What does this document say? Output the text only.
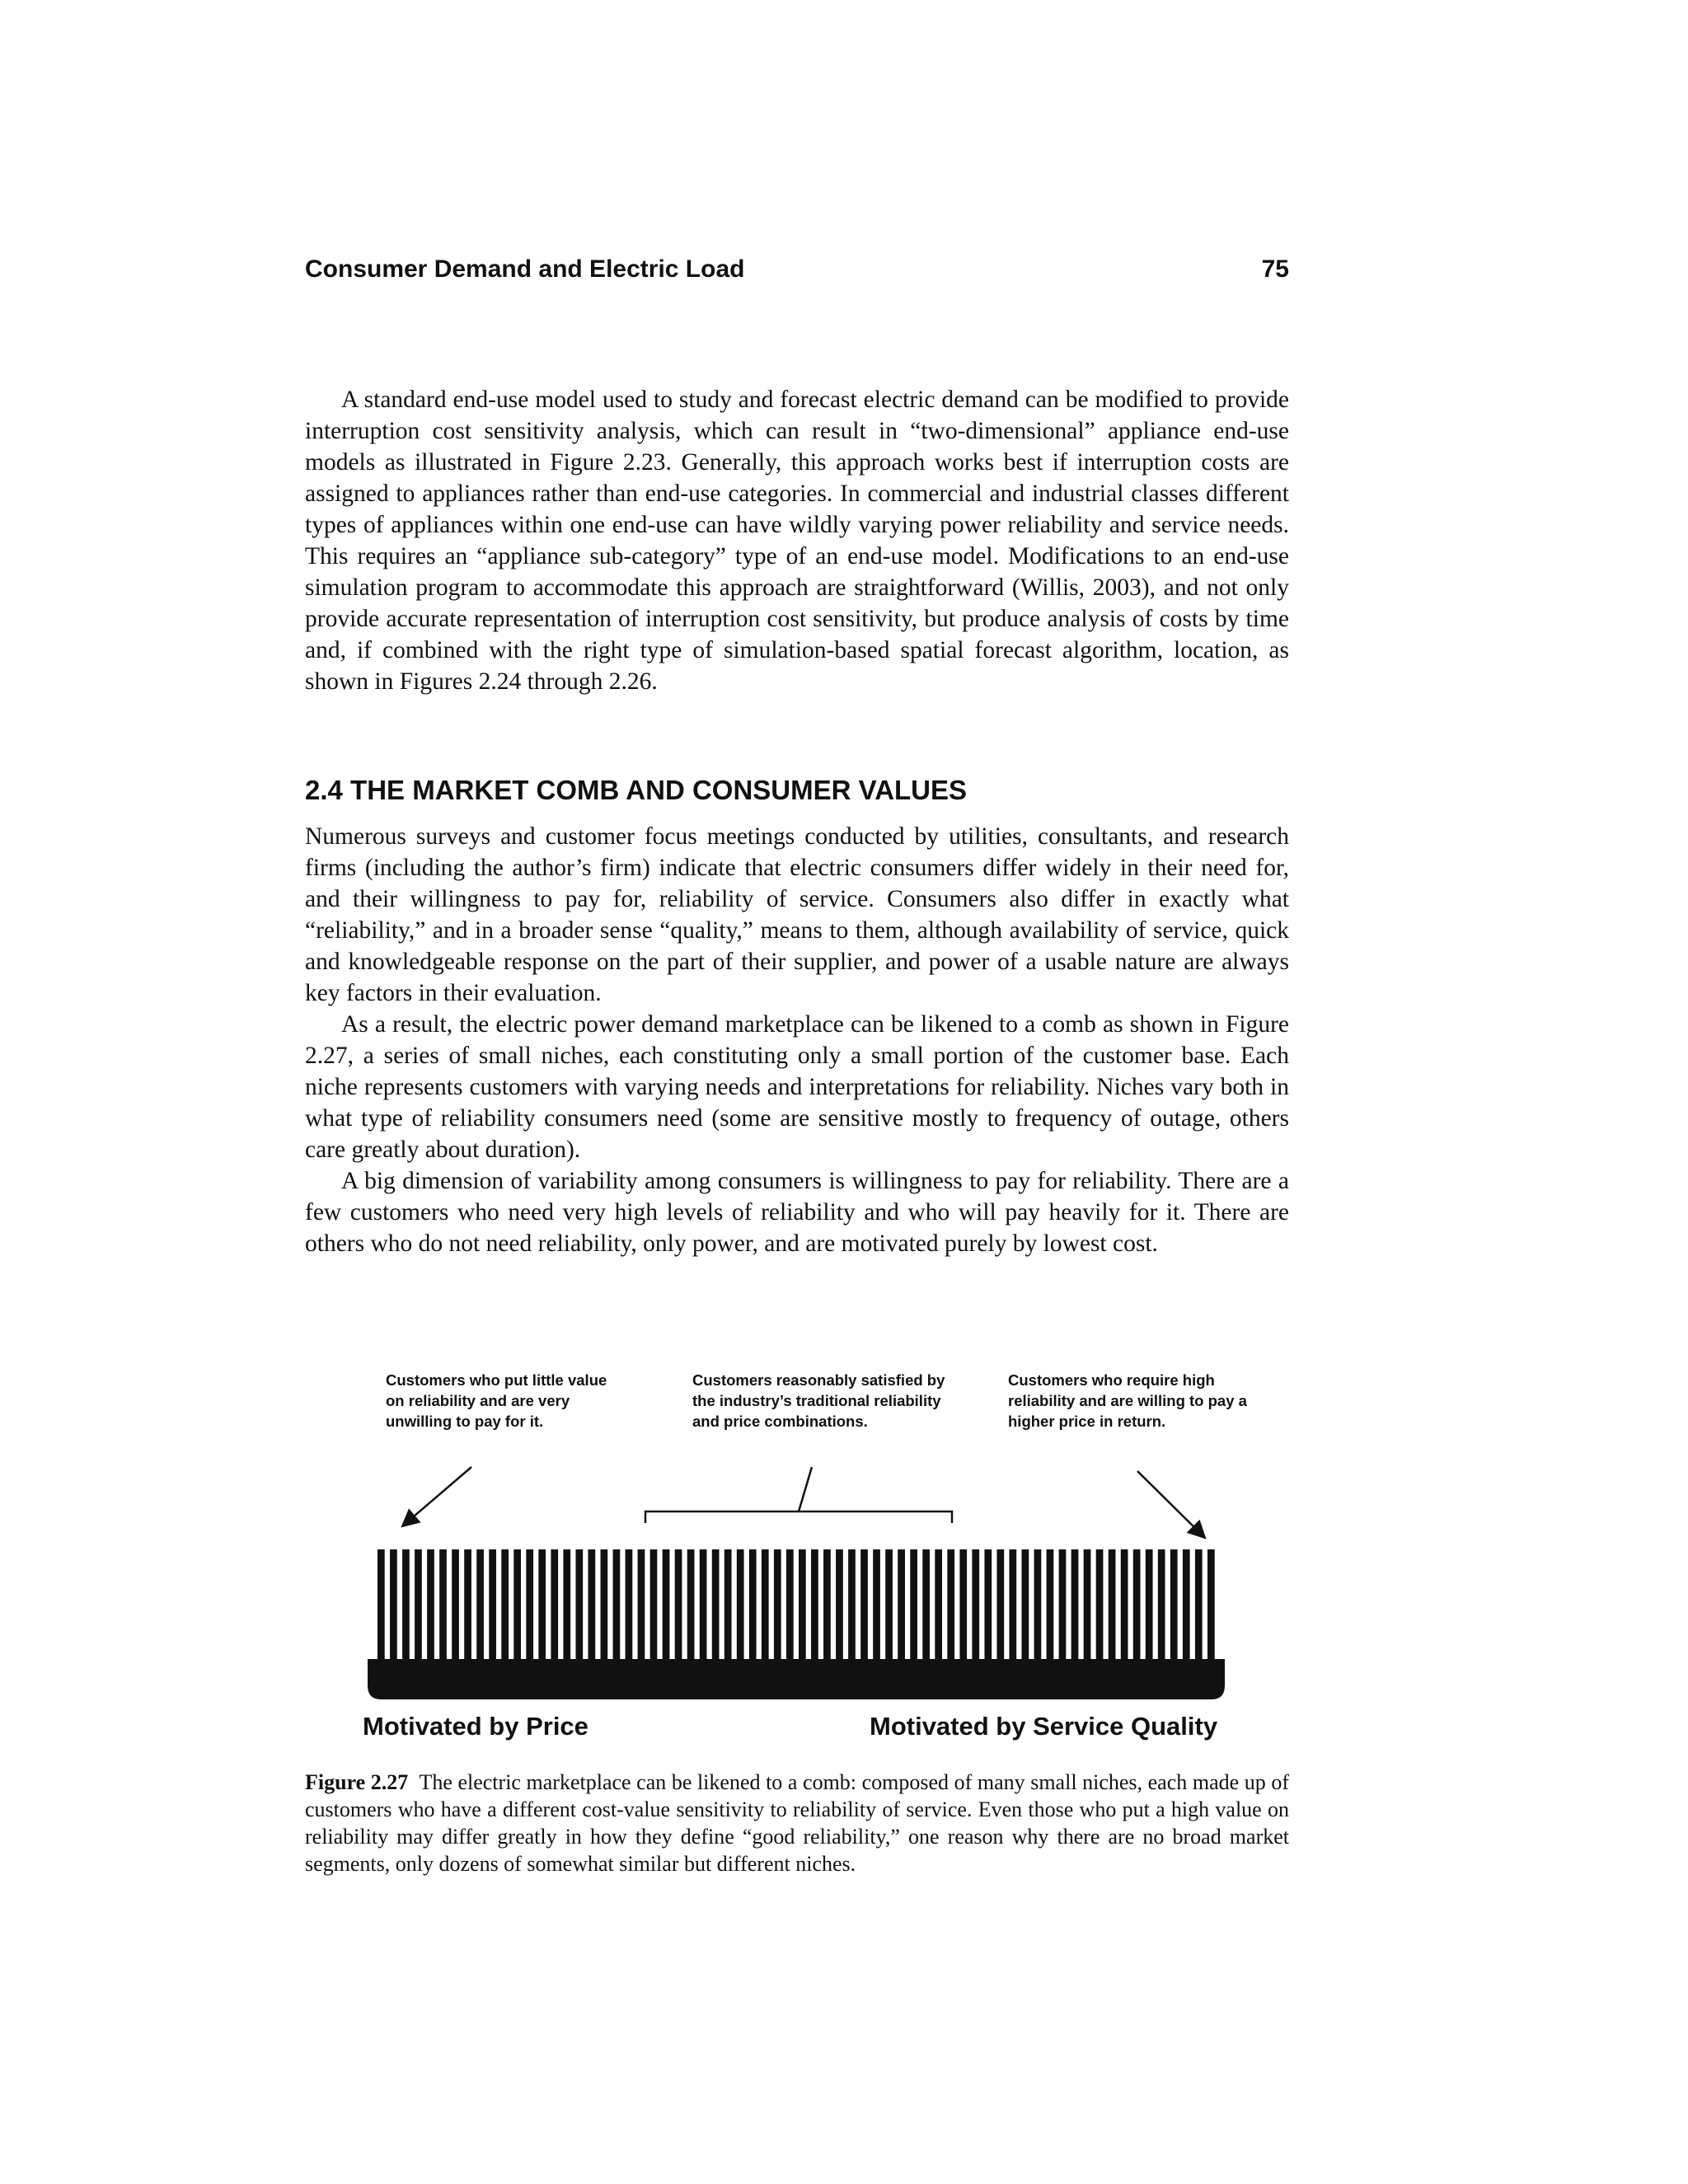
Consumer Demand and Electric Load	75

A standard end-use model used to study and forecast electric demand can be modified to provide interruption cost sensitivity analysis, which can result in “two-dimensional” appliance end-use models as illustrated in Figure 2.23. Generally, this approach works best if interruption costs are assigned to appliances rather than end-use categories. In commercial and industrial classes different types of appliances within one end-use can have wildly varying power reliability and service needs. This requires an “appliance sub-category” type of an end-use model. Modifications to an end-use simulation program to accommodate this approach are straightforward (Willis, 2003), and not only provide accurate representation of interruption cost sensitivity, but produce analysis of costs by time and, if combined with the right type of simulation-based spatial forecast algorithm, location, as shown in Figures 2.24 through 2.26.

2.4 THE MARKET COMB AND CONSUMER VALUES

Numerous surveys and customer focus meetings conducted by utilities, consultants, and research firms (including the author’s firm) indicate that electric consumers differ widely in their need for, and their willingness to pay for, reliability of service. Consumers also differ in exactly what “reliability,” and in a broader sense “quality,” means to them, although availability of service, quick and knowledgeable response on the part of their supplier, and power of a usable nature are always key factors in their evaluation.

As a result, the electric power demand marketplace can be likened to a comb as shown in Figure 2.27, a series of small niches, each constituting only a small portion of the customer base. Each niche represents customers with varying needs and interpretations for reliability. Niches vary both in what type of reliability consumers need (some are sensitive mostly to frequency of outage, others care greatly about duration).

A big dimension of variability among consumers is willingness to pay for reliability. There are a few customers who need very high levels of reliability and who will pay heavily for it. There are others who do not need reliability, only power, and are motivated purely by lowest cost.

Customers who put little value on reliability and are very unwilling to pay for it.

Customers reasonably satisfied by the industry’s traditional reliability and price combinations.

Customers who require high reliability and are willing to pay a higher price in return.

Motivated by Price	Motivated by Service Quality

Figure 2.27 The electric marketplace can be likened to a comb: composed of many small niches, each made up of customers who have a different cost-value sensitivity to reliability of service. Even those who put a high value on reliability may differ greatly in how they define “good reliability,” one reason why there are no broad market segments, only dozens of somewhat similar but different niches.
